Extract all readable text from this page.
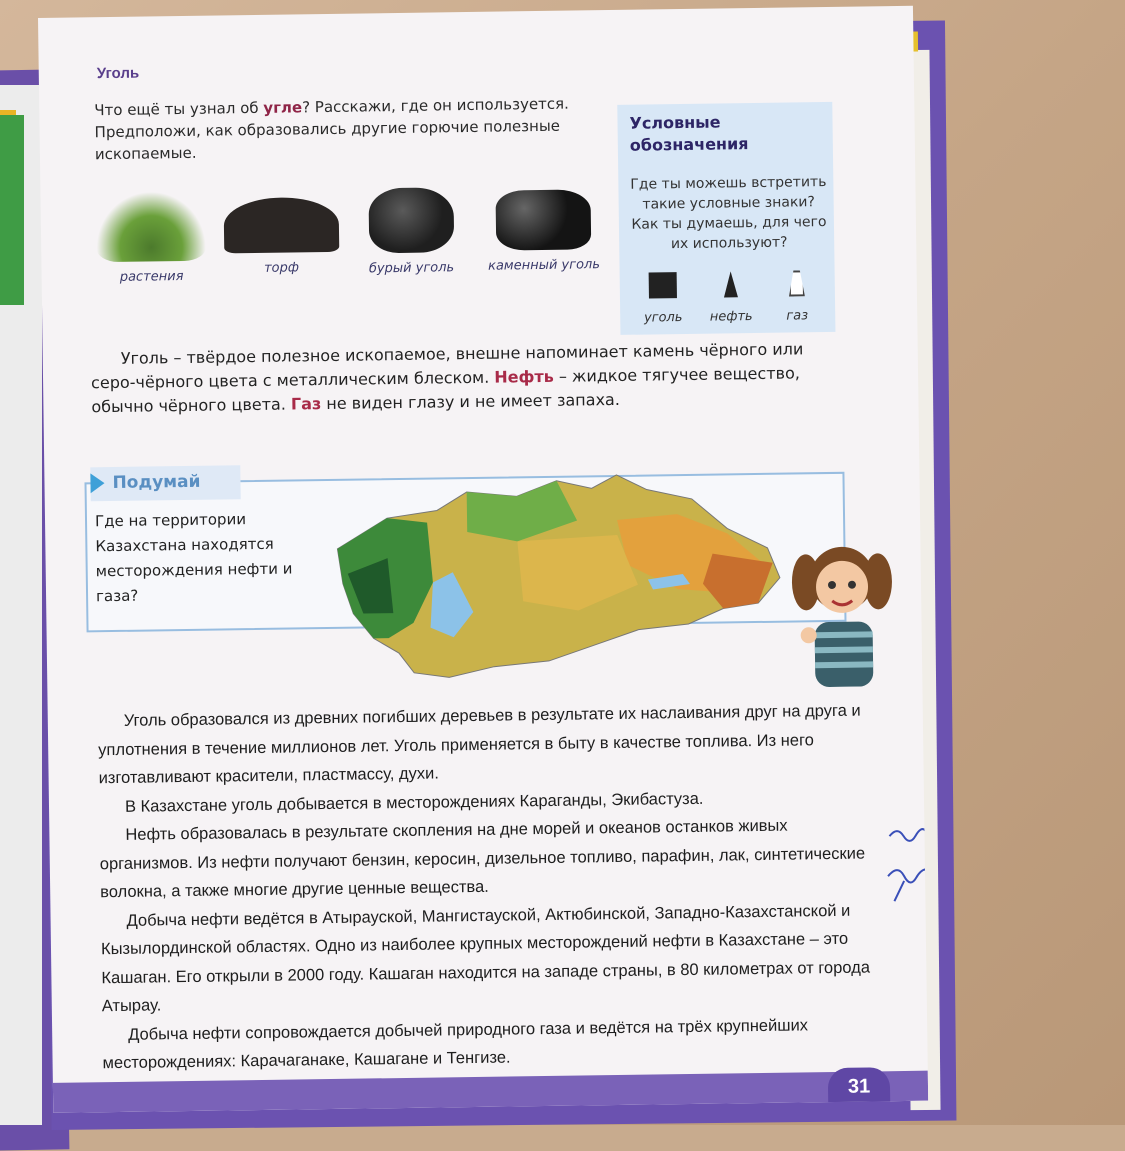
Уголь
Что ещё ты узнал об угле? Расскажи, где он используется. Предположи, как образовались другие горючие полезные ископаемые.
растения
торф	бурый уголь	каменный уголь
Условные
обозначения
Где ты можешь встретить такие условные знаки? Как ты думаешь, для чего их используют?
уголь	нефть	газ
Уголь – твёрдое полезное ископаемое, внешне напоминает камень чёрного или серо-чёрного цвета с металлическим блеском. Нефть – жидкое тягучее вещество, обычно чёрного цвета. Газ не виден глазу и не имеет запаха.
Подумай
Где на территории Казахстана находятся месторождения нефти и газа?

Уголь образовался из древних погибших деревьев в результате их наслаивания друг на друга и уплотнения в течение миллионов лет. Уголь применяется в быту в качестве топлива. Из него изготавливают красители, пластмассу, духи.

В Казахстане уголь добывается в месторождениях Караганды, Экибастуза.

Нефть образовалась в результате скопления на дне морей и океанов останков живых организмов. Из нефти получают бензин, керосин, дизельное топливо, парафин, лак, синтетические волокна, а также многие другие ценные вещества.

Добыча нефти ведётся в Атырауской, Мангистауской, Актюбинской, Западно-Казахстанской и Кызылординской областях. Одно из наиболее крупных месторождений нефти в Казахстане – это Кашаган. Его открыли в 2000 году. Кашаган находится на западе страны, в 80 километрах от города Атырау.

Добыча нефти сопровождается добычей природного газа и ведётся на трёх крупнейших месторождениях: Карачаганаке, Кашагане и Тенгизе.

31
